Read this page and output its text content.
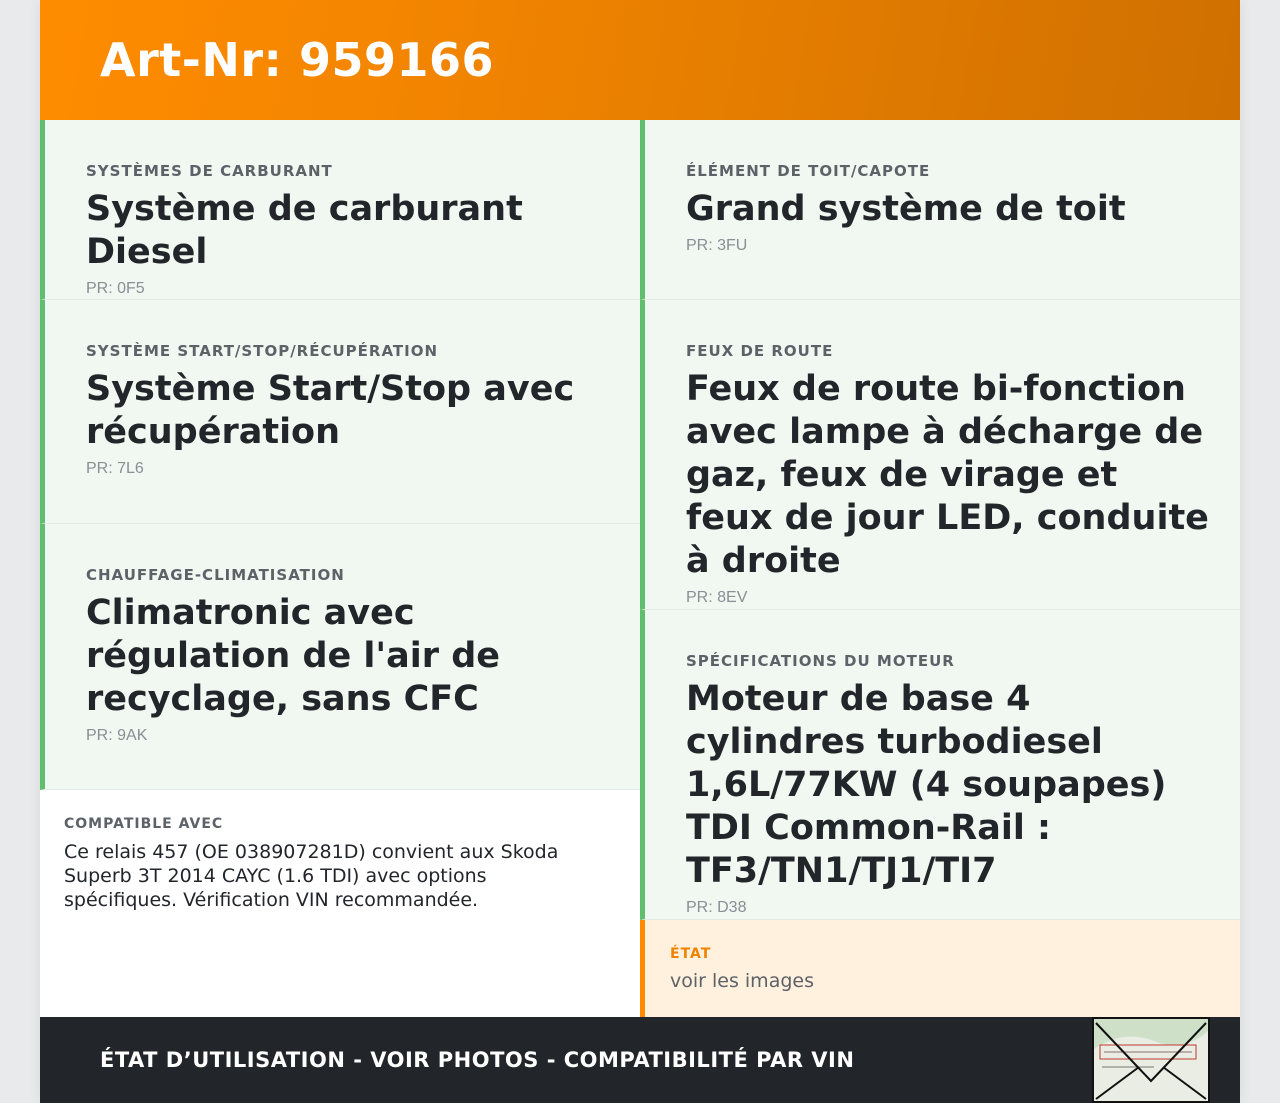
Art-Nr: 959166
SYSTÈMES DE CARBURANT
Système de carburant Diesel
PR: 0F5
SYSTÈME START/STOP/RÉCUPÉRATION
Système Start/Stop avec récupération
PR: 7L6
CHAUFFAGE-CLIMATISATION
Climatronic avec régulation de l'air de recyclage, sans CFC
PR: 9AK
COMPATIBLE AVEC
Ce relais 457 (OE 038907281D) convient aux Skoda Superb 3T 2014 CAYC (1.6 TDI) avec options spécifiques. Vérification VIN recommandée.
ÉLÉMENT DE TOIT/CAPOTE
Grand système de toit
PR: 3FU
FEUX DE ROUTE
Feux de route bi-fonction avec lampe à décharge de gaz, feux de virage et feux de jour LED, conduite à droite
PR: 8EV
SPÉCIFICATIONS DU MOTEUR
Moteur de base 4 cylindres turbodiesel 1,6L/77KW (4 soupapes) TDI Common-Rail : TF3/TN1/TJ1/TI7
PR: D38
ÉTAT
voir les images
ÉTAT D’UTILISATION - VOIR PHOTOS - COMPATIBILITÉ PAR VIN
